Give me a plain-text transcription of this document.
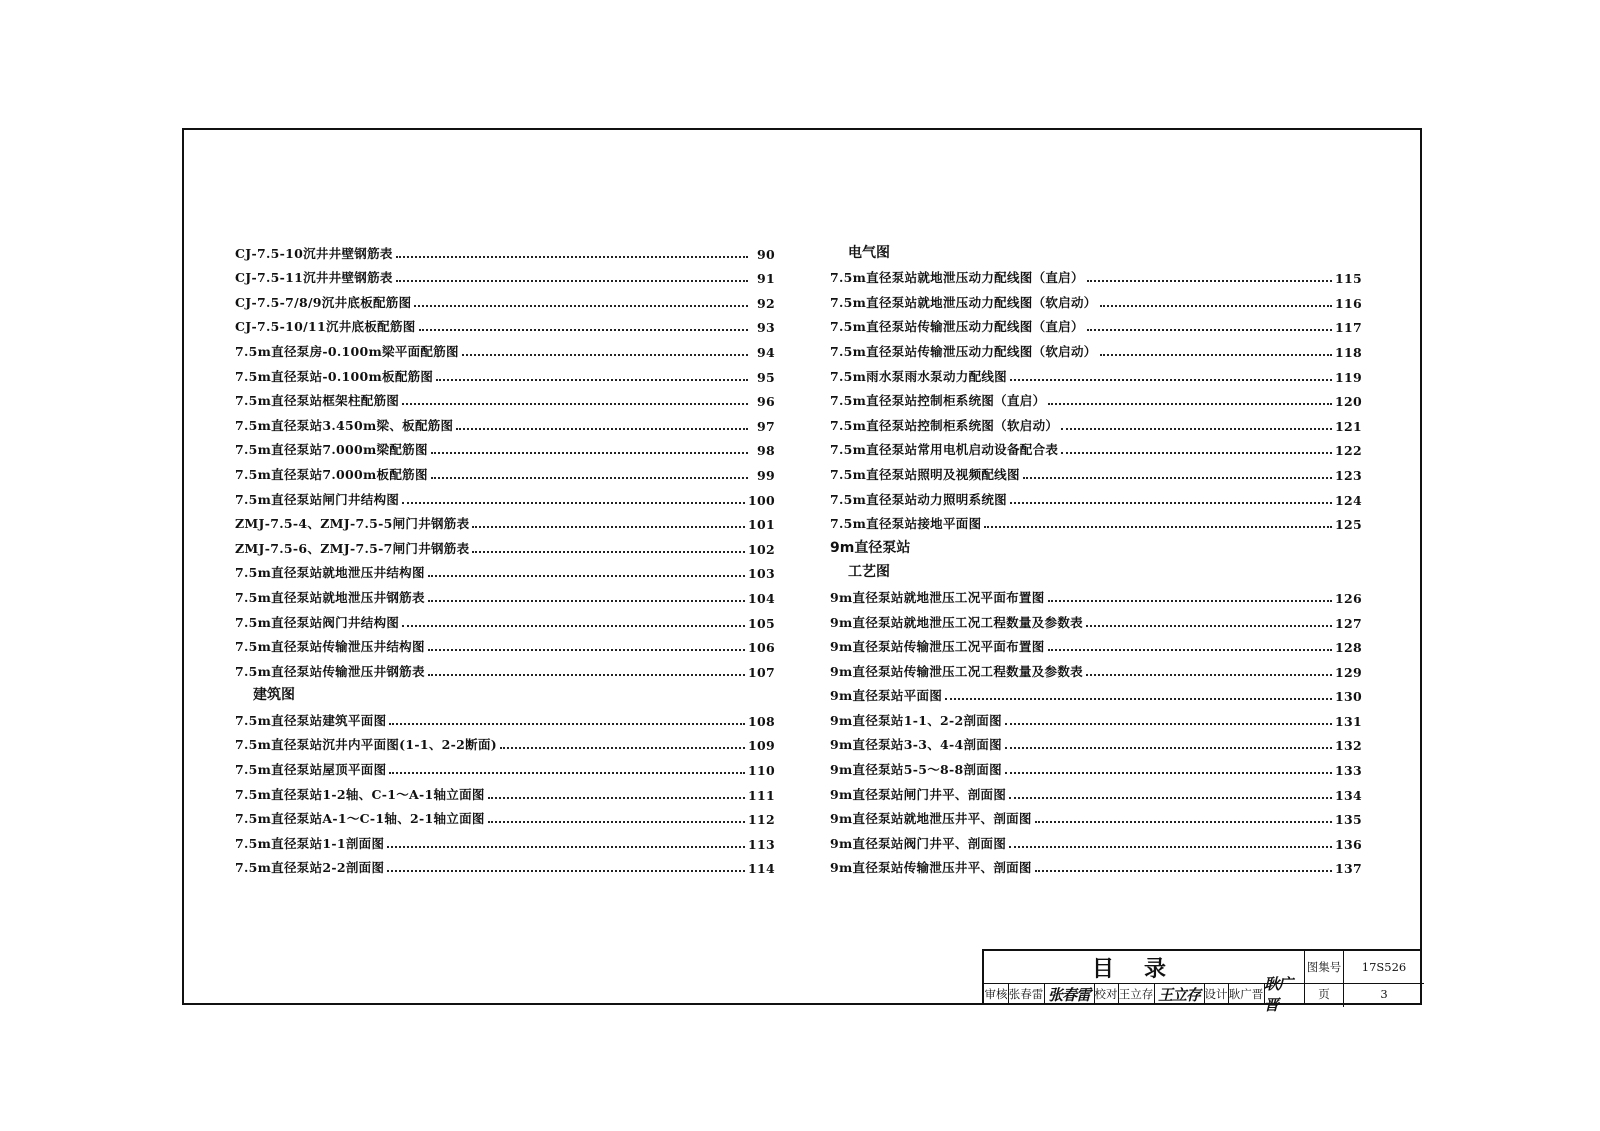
CJ-7.5-10沉井井壁钢筋表	90
CJ-7.5-11沉井井壁钢筋表	91
CJ-7.5-7/8/9沉井底板配筋图	92
CJ-7.5-10/11沉井底板配筋图	93
7.5m直径泵房-0.100m梁平面配筋图	94
7.5m直径泵站-0.100m板配筋图	95
7.5m直径泵站框架柱配筋图	96
7.5m直径泵站3.450m梁、板配筋图	97
7.5m直径泵站7.000m梁配筋图	98
7.5m直径泵站7.000m板配筋图	99
7.5m直径泵站闸门井结构图	100
ZMJ-7.5-4、ZMJ-7.5-5闸门井钢筋表	101
ZMJ-7.5-6、ZMJ-7.5-7闸门井钢筋表	102
7.5m直径泵站就地泄压井结构图	103
7.5m直径泵站就地泄压井钢筋表	104
7.5m直径泵站阀门井结构图	105
7.5m直径泵站传输泄压井结构图	106
7.5m直径泵站传输泄压井钢筋表	107
建筑图
7.5m直径泵站建筑平面图	108
7.5m直径泵站沉井内平面图(1-1、2-2断面)	109
7.5m直径泵站屋顶平面图	110
7.5m直径泵站1-2轴、C-1～A-1轴立面图	111
7.5m直径泵站A-1～C-1轴、2-1轴立面图	112
7.5m直径泵站1-1剖面图	113
7.5m直径泵站2-2剖面图	114
电气图
7.5m直径泵站就地泄压动力配线图（直启）	115
7.5m直径泵站就地泄压动力配线图（软启动）	116
7.5m直径泵站传输泄压动力配线图（直启）	117
7.5m直径泵站传输泄压动力配线图（软启动）	118
7.5m雨水泵雨水泵动力配线图	119
7.5m直径泵站控制柜系统图（直启）	120
7.5m直径泵站控制柜系统图（软启动）	121
7.5m直径泵站常用电机启动设备配合表	122
7.5m直径泵站照明及视频配线图	123
7.5m直径泵站动力照明系统图	124
7.5m直径泵站接地平面图	125
9m直径泵站
工艺图
9m直径泵站就地泄压工况平面布置图	126
9m直径泵站就地泄压工况工程数量及参数表	127
9m直径泵站传输泄压工况平面布置图	128
9m直径泵站传输泄压工况工程数量及参数表	129
9m直径泵站平面图	130
9m直径泵站1-1、2-2剖面图	131
9m直径泵站3-3、4-4剖面图	132
9m直径泵站5-5～8-8剖面图	133
9m直径泵站闸门井平、剖面图	134
9m直径泵站就地泄压井平、剖面图	135
9m直径泵站阀门井平、剖面图	136
9m直径泵站传输泄压井平、剖面图	137
目录	图集号	17S526
审核 张春雷 张春雷 校对 王立存 王立存 设计 耿广晋
耿广晋
页	3
